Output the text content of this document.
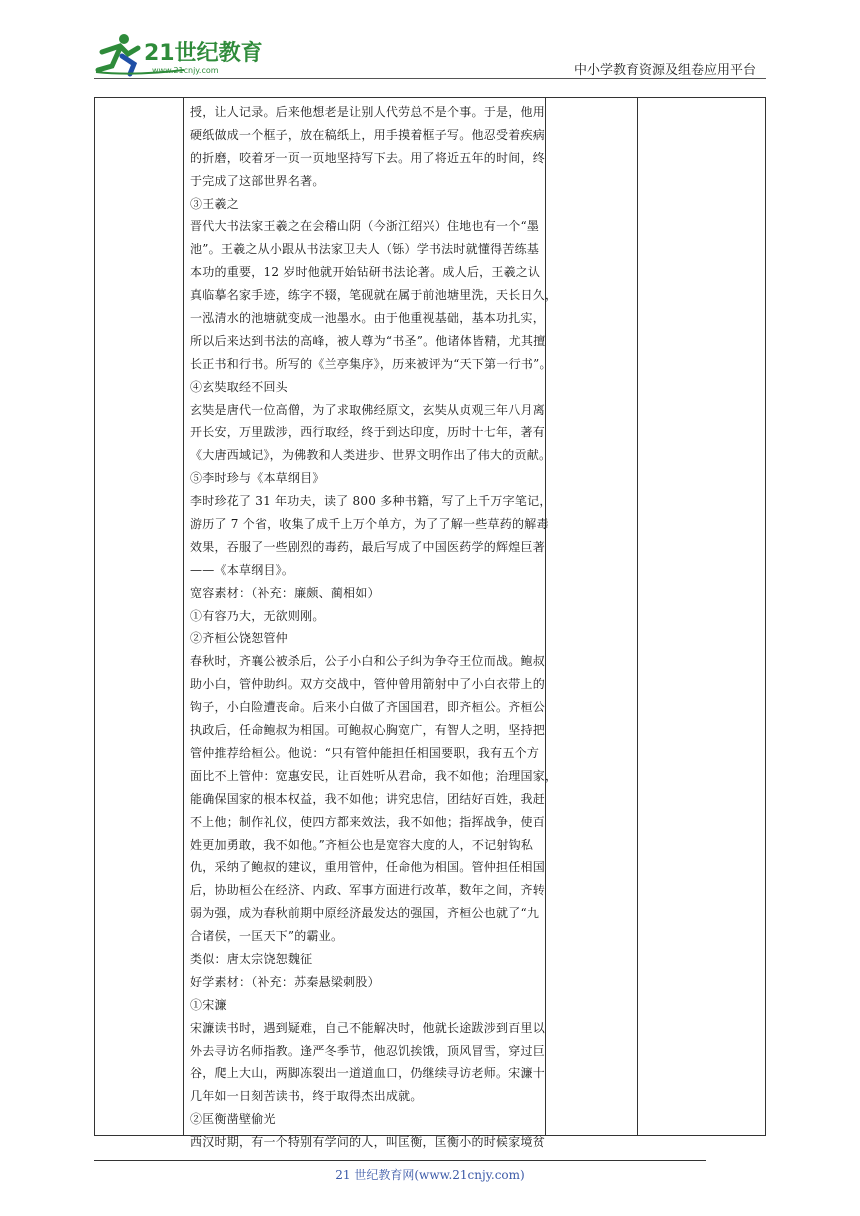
21世纪教育
www.21cnjy.com	中小学教育资源及组卷应用平台
授，让人记录。后来他想老是让别人代劳总不是个事。于是，他用
硬纸做成一个框子，放在稿纸上，用手摸着框子写。他忍受着疾病
的折磨，咬着牙一页一页地坚持写下去。用了将近五年的时间，终
于完成了这部世界名著。
③王羲之
晋代大书法家王羲之在会稽山阴（今浙江绍兴）住地也有一个“墨
池”。王羲之从小跟从书法家卫夫人（铄）学书法时就懂得苦练基
本功的重要，12 岁时他就开始钻研书法论著。成人后，王羲之认
真临摹名家手迹，练字不辍，笔砚就在属于前池塘里洗，天长日久，
一泓清水的池塘就变成一池墨水。由于他重视基础，基本功扎实，
所以后来达到书法的高峰，被人尊为“书圣”。他诸体皆精，尤其擅
长正书和行书。所写的《兰亭集序》，历来被评为“天下第一行书”。
④玄奘取经不回头
玄奘是唐代一位高僧，为了求取佛经原文，玄奘从贞观三年八月离
开长安，万里跋涉，西行取经，终于到达印度，历时十七年，著有
《大唐西域记》，为佛教和人类进步、世界文明作出了伟大的贡献。
⑤李时珍与《本草纲目》
李时珍花了 31 年功夫，读了 800 多种书籍，写了上千万字笔记，
游历了 7 个省，收集了成千上万个单方，为了了解一些草药的解毒
效果，吞服了一些剧烈的毒药，最后写成了中国医药学的辉煌巨著
——《本草纲目》。
宽容素材：（补充：廉颇、蔺相如）
①有容乃大，无欲则刚。
②齐桓公饶恕管仲
春秋时，齐襄公被杀后，公子小白和公子纠为争夺王位而战。鲍叔
助小白，管仲助纠。双方交战中，管仲曾用箭射中了小白衣带上的
钩子，小白险遭丧命。后来小白做了齐国国君，即齐桓公。齐桓公
执政后，任命鲍叔为相国。可鲍叔心胸宽广，有智人之明，坚持把
管仲推荐给桓公。他说：“只有管仲能担任相国要职，我有五个方
面比不上管仲：宽惠安民，让百姓听从君命，我不如他；治理国家，
能确保国家的根本权益，我不如他；讲究忠信，团结好百姓，我赶
不上他；制作礼仪，使四方都来效法，我不如他；指挥战争，使百
姓更加勇敢，我不如他。”齐桓公也是宽容大度的人，不记射钩私
仇，采纳了鲍叔的建议，重用管仲，任命他为相国。管仲担任相国
后，协助桓公在经济、内政、军事方面进行改革，数年之间，齐转
弱为强，成为春秋前期中原经济最发达的强国，齐桓公也就了“九
合诸侯，一匡天下”的霸业。
类似：唐太宗饶恕魏征
好学素材：（补充：苏秦悬梁刺股）
①宋濂
宋濂读书时，遇到疑难，自己不能解决时，他就长途跋涉到百里以
外去寻访名师指教。逢严冬季节，他忍饥挨饿，顶风冒雪，穿过巨
谷，爬上大山，两脚冻裂出一道道血口，仍继续寻访老师。宋濂十
几年如一日刻苦读书，终于取得杰出成就。
②匡衡凿壁偷光
西汉时期，有一个特别有学问的人，叫匡衡，匡衡小的时候家境贫
21 世纪教育网(www.21cnjy.com)
